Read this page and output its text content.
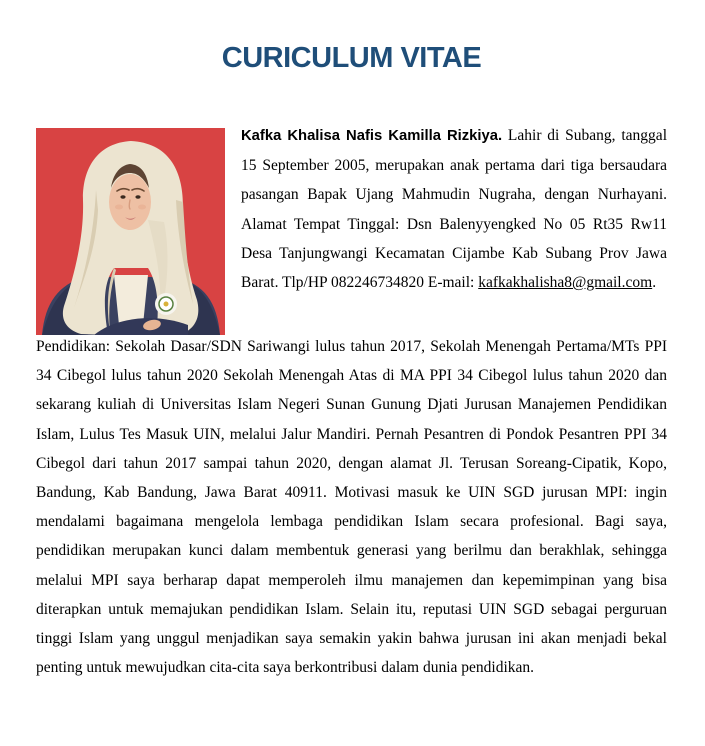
CURICULUM VITAE

Kafka Khalisa Nafis Kamilla Rizkiya. Lahir di Subang, tanggal 15 September 2005, merupakan anak pertama dari tiga bersaudara pasangan Bapak Ujang Mahmudin Nugraha, dengan Nurhayani. Alamat Tempat Tinggal: Dsn Balenyyengked No 05 Rt35 Rw11 Desa Tanjungwangi Kecamatan Cijambe Kab Subang Prov Jawa Barat. Tlp/HP 082246734820 E-mail: kafkakhalisha8@gmail.com.

Pendidikan: Sekolah Dasar/SDN Sariwangi lulus tahun 2017, Sekolah Menengah Pertama/MTs PPI 34 Cibegol lulus tahun 2020 Sekolah Menengah Atas di MA PPI 34 Cibegol lulus tahun 2020 dan sekarang kuliah di Universitas Islam Negeri Sunan Gunung Djati Jurusan Manajemen Pendidikan Islam, Lulus Tes Masuk UIN, melalui Jalur Mandiri. Pernah Pesantren di Pondok Pesantren PPI 34 Cibegol dari tahun 2017 sampai tahun 2020, dengan alamat Jl. Terusan Soreang-Cipatik, Kopo, Bandung, Kab Bandung, Jawa Barat 40911. Motivasi masuk ke UIN SGD jurusan MPI: ingin mendalami bagaimana mengelola lembaga pendidikan Islam secara profesional. Bagi saya, pendidikan merupakan kunci dalam membentuk generasi yang berilmu dan berakhlak, sehingga melalui MPI saya berharap dapat memperoleh ilmu manajemen dan kepemimpinan yang bisa diterapkan untuk memajukan pendidikan Islam. Selain itu, reputasi UIN SGD sebagai perguruan tinggi Islam yang unggul menjadikan saya semakin yakin bahwa jurusan ini akan menjadi bekal penting untuk mewujudkan cita-cita saya berkontribusi dalam dunia pendidikan.
